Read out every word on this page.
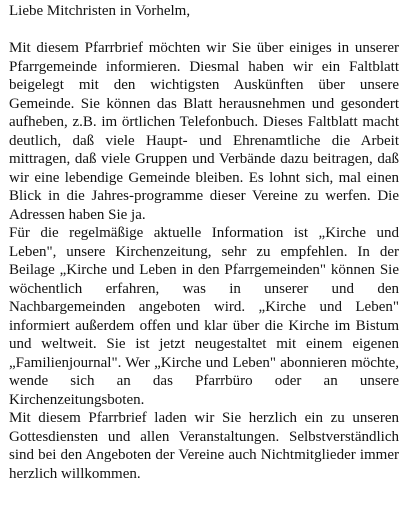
Liebe Mitchristen in Vorhelm,

Mit diesem Pfarrbrief möchten wir Sie über einiges in unserer Pfarrgemeinde informieren. Diesmal haben wir ein Faltblatt beigelegt mit den wichtigsten Auskünften über unsere Gemeinde. Sie können das Blatt herausnehmen und gesondert aufheben, z.B. im örtlichen Telefonbuch. Dieses Faltblatt macht deutlich, daß viele Haupt- und Ehrenamtliche die Arbeit mittragen, daß viele Gruppen und Verbände dazu beitragen, daß wir eine lebendige Gemeinde bleiben. Es lohnt sich, mal einen Blick in die Jahres-programme dieser Vereine zu werfen. Die Adressen haben Sie ja.
Für die regelmäßige aktuelle Information ist „Kirche und Leben", unsere Kirchenzeitung, sehr zu empfehlen. In der Beilage „Kirche und Leben in den Pfarrgemeinden" können Sie wöchentlich erfahren, was in unserer und den Nachbargemeinden angeboten wird. „Kirche und Leben" informiert außerdem offen und klar über die Kirche im Bistum und weltweit. Sie ist jetzt neugestaltet mit einem eigenen „Familienjournal". Wer „Kirche und Leben" abonnieren möchte, wende sich an das Pfarrbüro oder an unsere Kirchenzeitungsboten.
Mit diesem Pfarrbrief laden wir Sie herzlich ein zu unseren Gottesdiensten und allen Veranstaltungen. Selbstverständlich sind bei den Angeboten der Vereine auch Nichtmitglieder immer herzlich willkommen.
